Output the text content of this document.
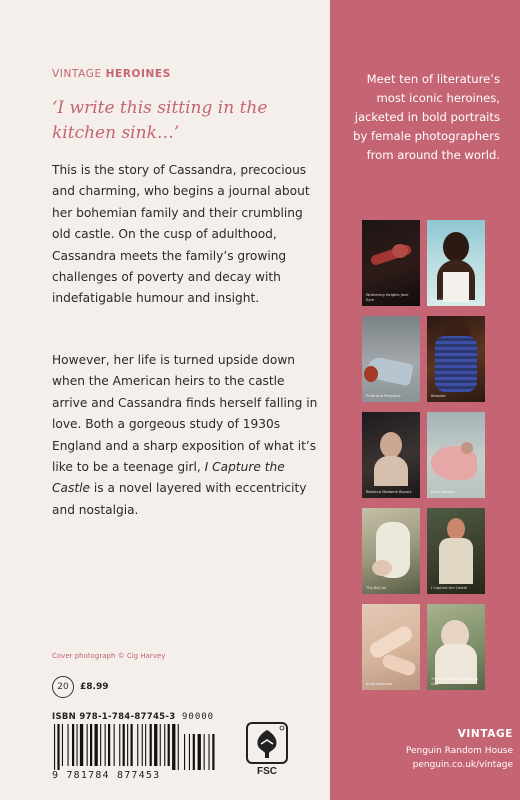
VINTAGE HEROINES
‘I write this sitting in the kitchen sink…’

This is the story of Cassandra, precocious and charming, who begins a journal about her bohemian family and their crumbling old castle. On the cusp of adulthood, Cassandra meets the family’s growing challenges of poverty and decay with indefatigable humour and insight.

However, her life is turned upside down when the American heirs to the castle arrive and Cassandra finds herself falling in love. Both a gorgeous study of 1930s England and a sharp exposition of what it’s like to be a teenage girl, I Capture the Castle is a novel layered with eccentricity and nostalgia.

Cover photograph © Cig Harvey
20	£8.99
ISBN 978-1-784-87745-3
9 781784 877453
90000
FSC
Meet ten of literature’s most iconic heroines, jacketed in bold portraits by female photographers from around the world.
Wuthering Heights Jane Eyre	The Color Purple
Pride and Prejudice	Beloved
Rebecca Madame Bovary	Little Women
The Bell Jar	I Capture the Castle
Anna Karenina
Their Eyes Were Watching God
VINTAGE
Penguin Random House
penguin.co.uk/vintage
